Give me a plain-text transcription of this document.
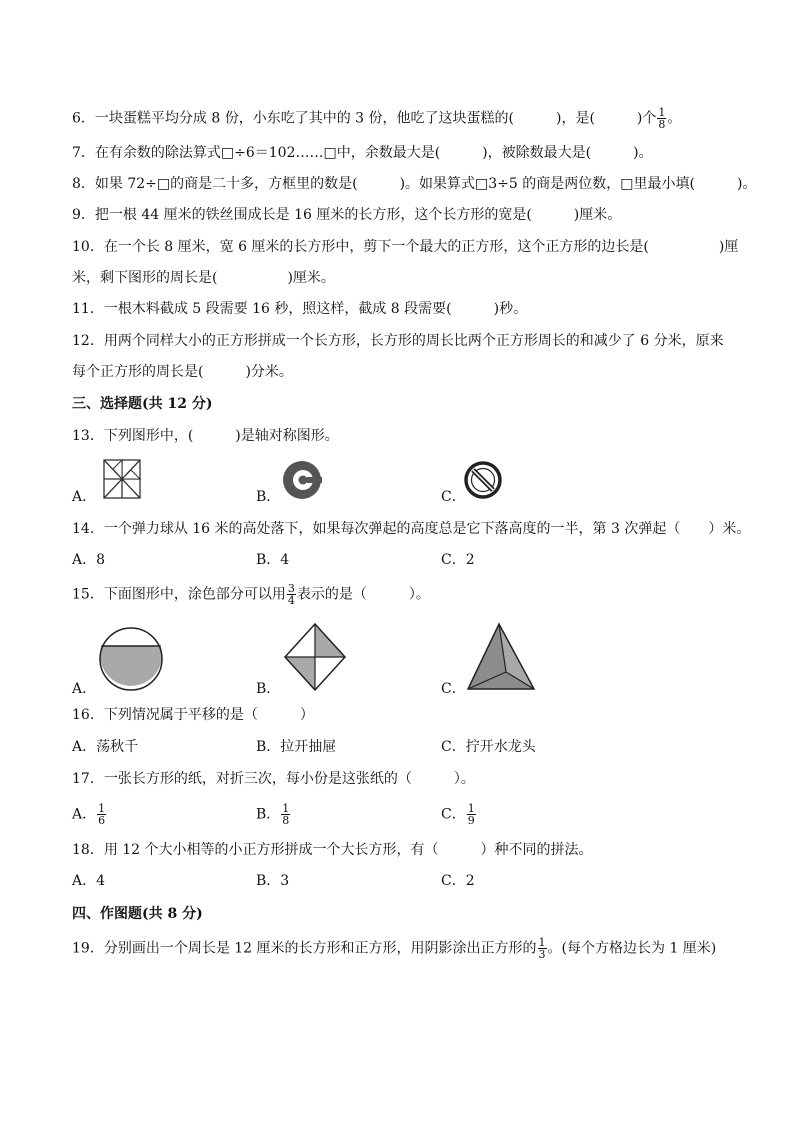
6．一块蛋糕平均分成 8 份，小东吃了其中的 3 份，他吃了这块蛋糕的(　　　)，是(　　　)个 $\frac{1}{8}$ 。
7．在有余数的除法算式□÷6＝102……□中，余数最大是(　　　)，被除数最大是(　　　)。
8．如果 72÷□的商是二十多，方框里的数是(　　　)。如果算式□3÷5 的商是两位数，□里最小填(　　　)。
9．把一根 44 厘米的铁丝围成长是 16 厘米的长方形，这个长方形的宽是(　　　)厘米。
10．在一个长 8 厘米，宽 6 厘米的长方形中，剪下一个最大的正方形，这个正方形的边长是(　　　　　)厘
米，剩下图形的周长是(　　　　　)厘米。
11．一根木料截成 5 段需要 16 秒，照这样，截成 8 段需要(　　　)秒。
12．用两个同样大小的正方形拼成一个长方形，长方形的周长比两个正方形周长的和减少了 6 分米，原来
每个正方形的周长是(　　　)分米。
三、选择题(共 12 分)
13．下列图形中，(　　　)是轴对称图形。
A．	B．	C．
14．一个弹力球从 16 米的高处落下，如果每次弹起的高度总是它下落高度的一半，第 3 次弹起（　　）米。
A．8	B．4	C．2
15．下面图形中，涂色部分可以用 $\frac{3}{4}$ 表示的是（　　　）。
A．	B．	C．
16．下列情况属于平移的是（　　　）
A．荡秋千	B．拉开抽屉	C．拧开水龙头
17．一张长方形的纸，对折三次，每小份是这张纸的（　　　）。
A． $\frac{1}{6}$	B． $\frac{1}{8}$	C． $\frac{1}{9}$
18．用 12 个大小相等的小正方形拼成一个大长方形，有（　　　）种不同的拼法。
A．4	B．3	C．2
四、作图题(共 8 分)
19．分别画出一个周长是 12 厘米的长方形和正方形，用阴影涂出正方形的 $\frac{1}{3}$ 。(每个方格边长为 1 厘米)
